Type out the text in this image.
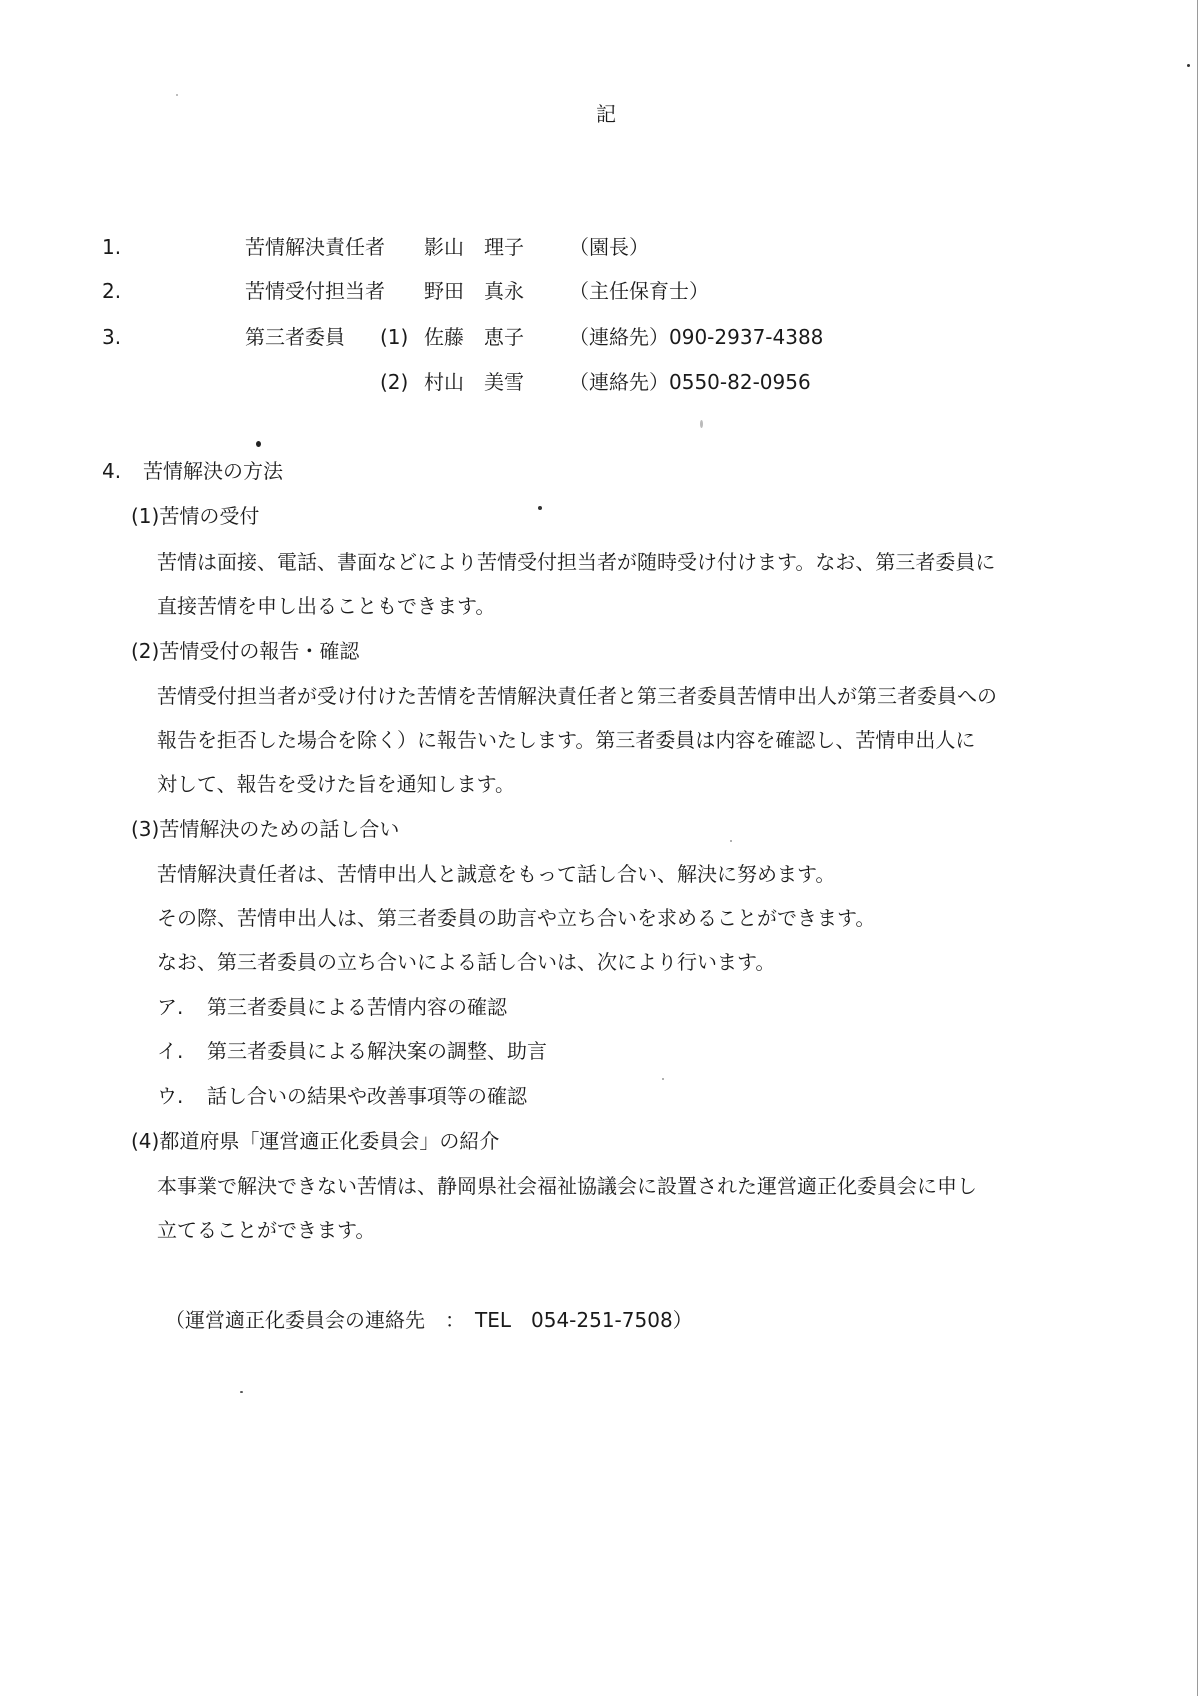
記
1.	苦情解決責任者 影山　理子 （園長）
2.	苦情受付担当者 野田　真永 （主任保育士）
3.	第三者委員 (1) 佐藤　恵子 （連絡先）090-2937-4388
(2) 村山　美雪 （連絡先）0550-82-0956
4. 苦情解決の方法
(1)苦情の受付
苦情は面接、電話、書面などにより苦情受付担当者が随時受け付けます。なお、第三者委員に
直接苦情を申し出ることもできます。
(2)苦情受付の報告・確認
苦情受付担当者が受け付けた苦情を苦情解決責任者と第三者委員苦情申出人が第三者委員への
報告を拒否した場合を除く）に報告いたします。第三者委員は内容を確認し、苦情申出人に
対して、報告を受けた旨を通知します。
(3)苦情解決のための話し合い
苦情解決責任者は、苦情申出人と誠意をもって話し合い、解決に努めます。
その際、苦情申出人は、第三者委員の助言や立ち合いを求めることができます。
なお、第三者委員の立ち合いによる話し合いは、次により行います。
ア. 第三者委員による苦情内容の確認
イ. 第三者委員による解決案の調整、助言
ウ. 話し合いの結果や改善事項等の確認
(4)都道府県「運営適正化委員会」の紹介
本事業で解決できない苦情は、静岡県社会福祉協議会に設置された運営適正化委員会に申し
立てることができます。
（運営適正化委員会の連絡先　：　TEL　054-251-7508）
